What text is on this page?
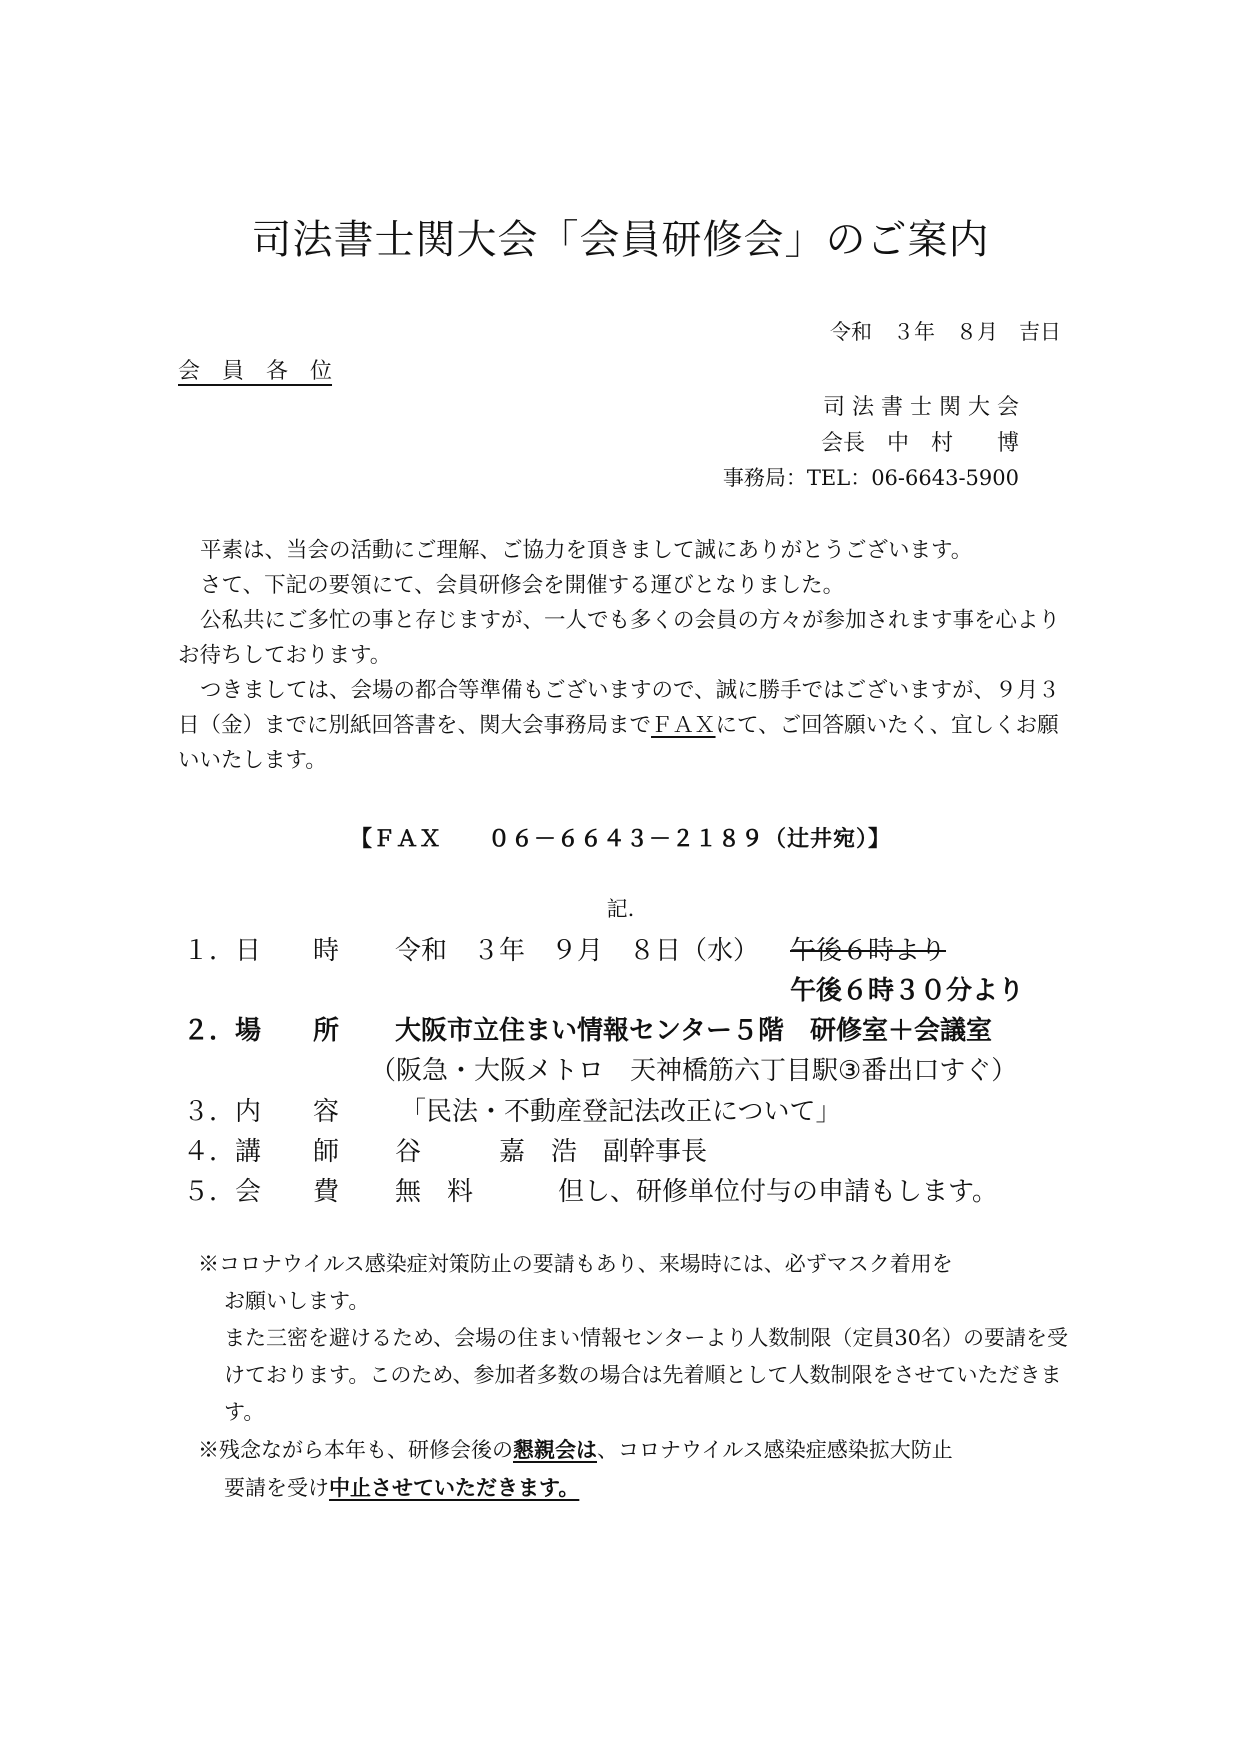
司法書士関大会「会員研修会」のご案内
令和　３年　８月　吉日
会　員　各　位
司 法 書 士 関 大 会
会長　中　村　　博
事務局：TEL：06-6643-5900

平素は、当会の活動にご理解、ご協力を頂きまして誠にありがとうございます。

さて、下記の要領にて、会員研修会を開催する運びとなりました。

公私共にご多忙の事と存じますが、一人でも多くの会員の方々が参加されます事を心よりお待ちしております。

つきましては、会場の都合等準備もございますので、誠に勝手ではございますが、９月３日（金）までに別紙回答書を、関大会事務局までＦＡＸにて、ご回答願いたく、宜しくお願いいたします。

【ＦＡＸ　　０６－６６４３－２１８９（辻井宛）】
記.
１． 日　　時 令和　３年　９月　８日（水） 午後６時より
午後６時３０分より
２． 場　　所 大阪市立住まい情報センター５階　研修室＋会議室
（阪急・大阪メトロ　天神橋筋六丁目駅③番出口すぐ）
３． 内　　容 「民法・不動産登記法改正について」
４． 講　　師 谷　　　嘉　浩　副幹事長
５． 会　　費 無　料	但し、研修単位付与の申請もします。

※コロナウイルス感染症対策防止の要請もあり、来場時には、必ずマスク着用を

お願いします。

また三密を避けるため、会場の住まい情報センターより人数制限（定員30名）の要請を受けております。このため、参加者多数の場合は先着順として人数制限をさせていただきます。

※残念ながら本年も、研修会後の懇親会は、コロナウイルス感染症感染拡大防止

要請を受け中止させていただきます。
